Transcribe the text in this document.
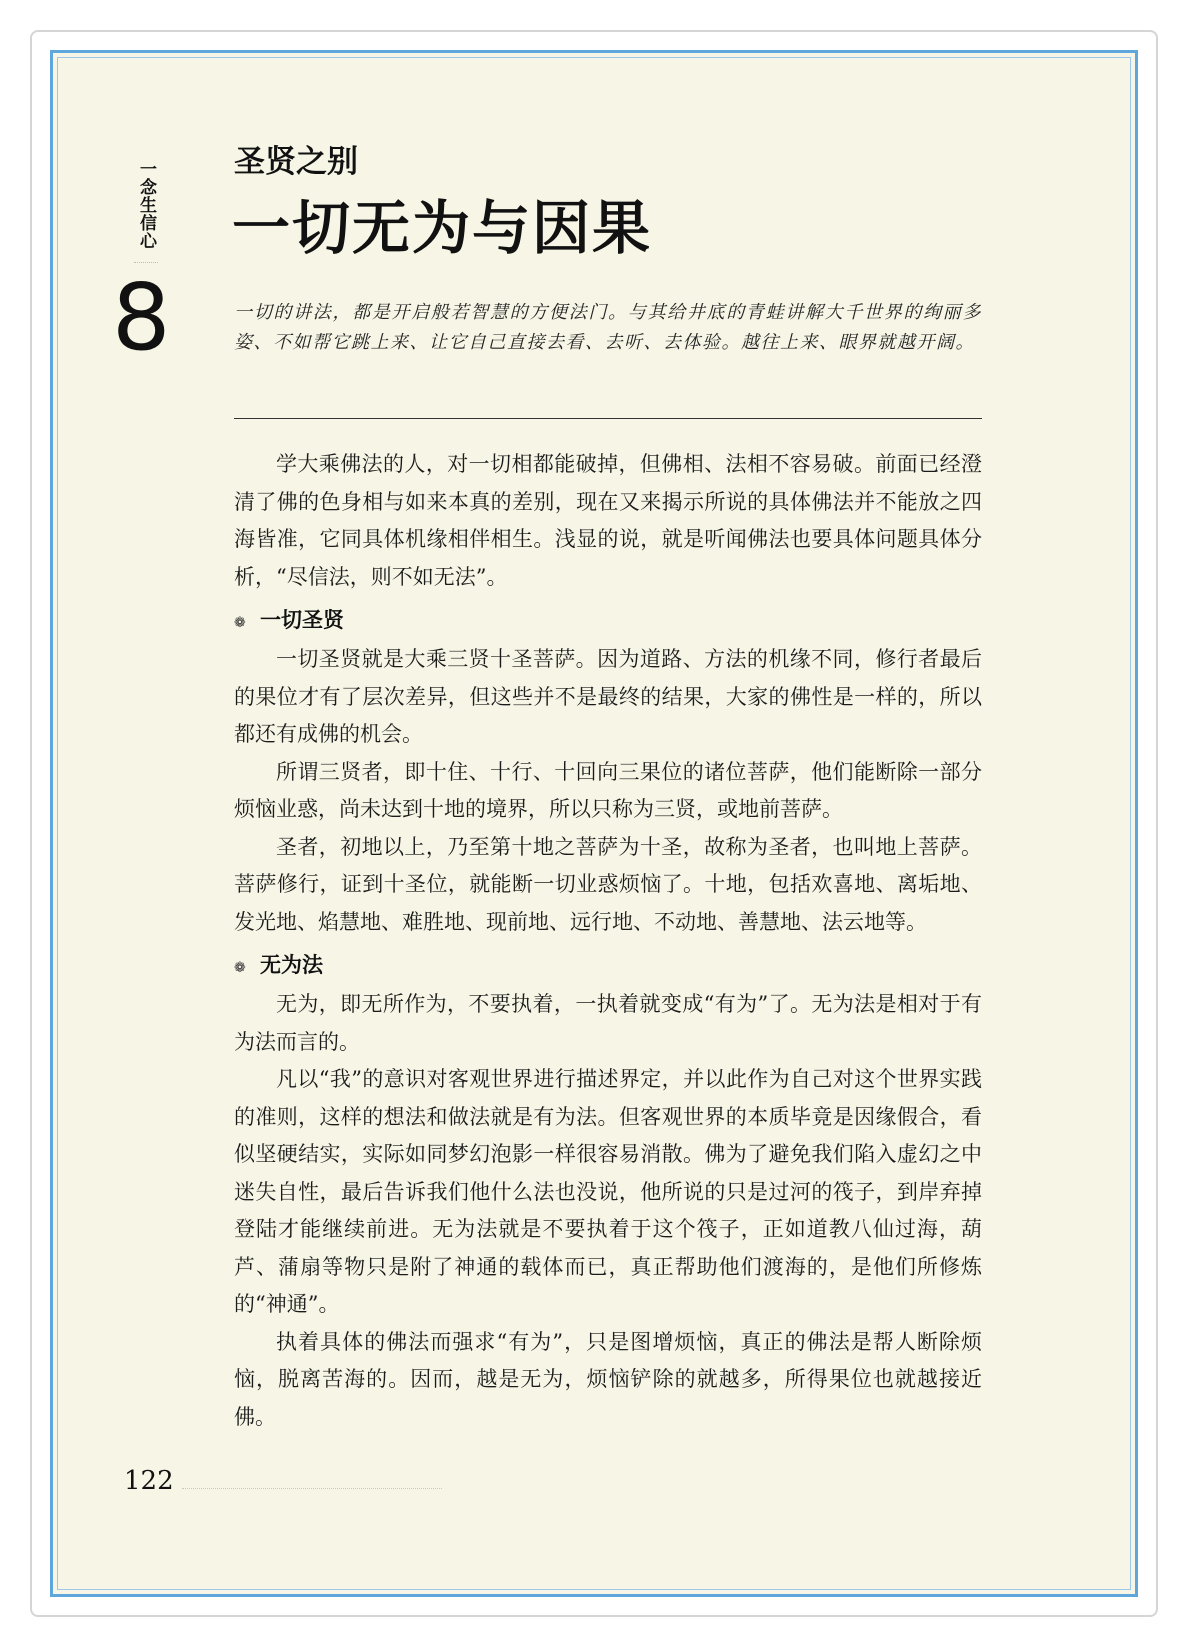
一念生信心
8
圣贤之别
一切无为与因果
一切的讲法，都是开启般若智慧的方便法门。与其给井底的青蛙讲解大千世界的绚丽多姿、不如帮它跳上来、让它自己直接去看、去听、去体验。越往上来、眼界就越开阔。

学大乘佛法的人，对一切相都能破掉，但佛相、法相不容易破。前面已经澄清了佛的色身相与如来本真的差别，现在又来揭示所说的具体佛法并不能放之四海皆准，它同具体机缘相伴相生。浅显的说，就是听闻佛法也要具体问题具体分析，“尽信法，则不如无法”。

❁ 一切圣贤

一切圣贤就是大乘三贤十圣菩萨。因为道路、方法的机缘不同，修行者最后的果位才有了层次差异，但这些并不是最终的结果，大家的佛性是一样的，所以都还有成佛的机会。

所谓三贤者，即十住、十行、十回向三果位的诸位菩萨，他们能断除一部分烦恼业惑，尚未达到十地的境界，所以只称为三贤，或地前菩萨。

圣者，初地以上，乃至第十地之菩萨为十圣，故称为圣者，也叫地上菩萨。菩萨修行，证到十圣位，就能断一切业惑烦恼了。十地，包括欢喜地、离垢地、发光地、焰慧地、难胜地、现前地、远行地、不动地、善慧地、法云地等。

❁ 无为法

无为，即无所作为，不要执着，一执着就变成“有为”了。无为法是相对于有为法而言的。

凡以“我”的意识对客观世界进行描述界定，并以此作为自己对这个世界实践的准则，这样的想法和做法就是有为法。但客观世界的本质毕竟是因缘假合，看似坚硬结实，实际如同梦幻泡影一样很容易消散。佛为了避免我们陷入虚幻之中迷失自性，最后告诉我们他什么法也没说，他所说的只是过河的筏子，到岸弃掉登陆才能继续前进。无为法就是不要执着于这个筏子，正如道教八仙过海，葫芦、蒲扇等物只是附了神通的载体而已，真正帮助他们渡海的，是他们所修炼的“神通”。

执着具体的佛法而强求“有为”，只是图增烦恼，真正的佛法是帮人断除烦恼，脱离苦海的。因而，越是无为，烦恼铲除的就越多，所得果位也就越接近佛。

122
